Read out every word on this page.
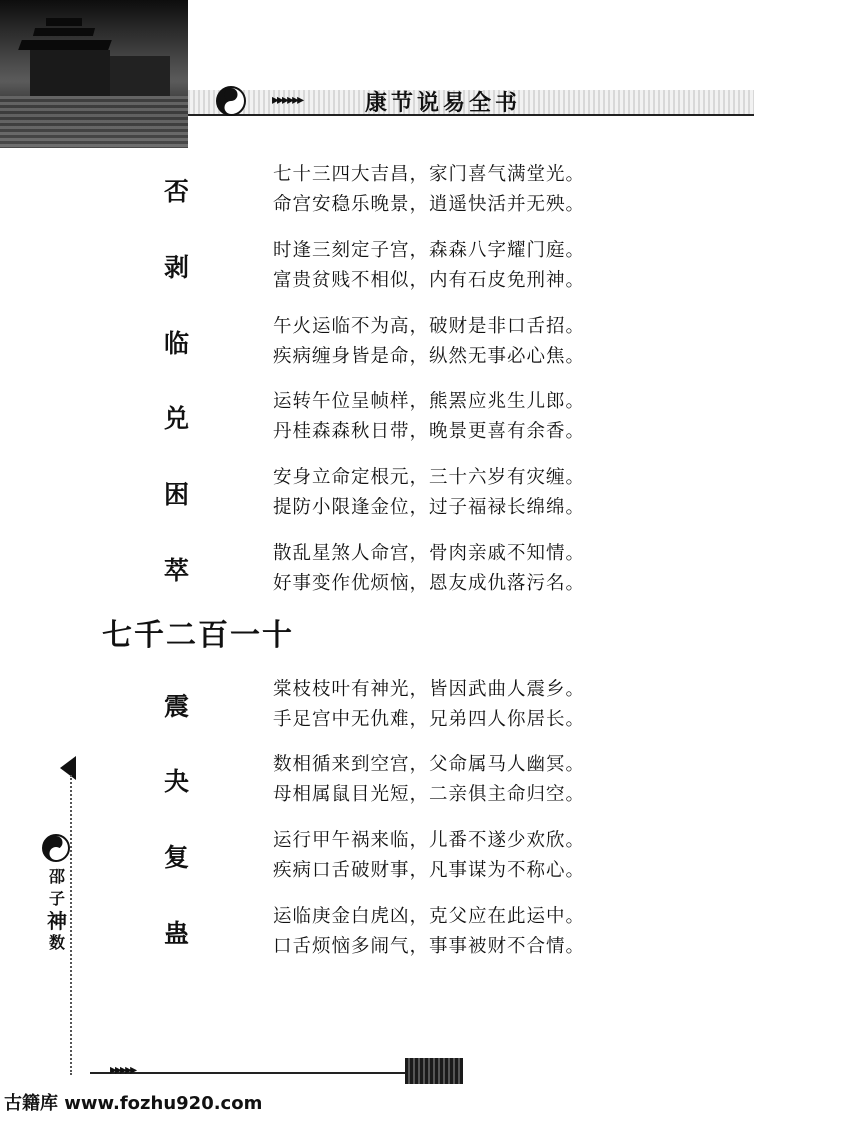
▸▸▸▸▸▸	康节说易全书
否
七十三四大吉昌，家门喜气满堂光。
命宫安稳乐晚景，逍遥快活并无殃。
剥
时逢三刻定子宫，森森八字耀门庭。
富贵贫贱不相似，内有石皮免刑神。
临
午火运临不为高，破财是非口舌招。
疾病缠身皆是命，纵然无事必心焦。
兑
运转午位呈帧样，熊罴应兆生儿郎。
丹桂森森秋日带，晚景更喜有余香。
困
安身立命定根元，三十六岁有灾缠。
提防小限逢金位，过子福禄长绵绵。
萃
散乱星煞人命宫，骨肉亲戚不知情。
好事变作优烦恼，恩友成仇落污名。
七千二百一十
震
棠枝枝叶有神光，皆因武曲人震乡。
手足宫中无仇难，兄弟四人你居长。
夬
数相循来到空宫，父命属马人幽冥。
母相属鼠目光短，二亲俱主命归空。
复
运行甲午祸来临，儿番不遂少欢欣。
疾病口舌破财事，凡事谋为不称心。
蛊
运临庚金白虎凶，克父应在此运中。
口舌烦恼多闹气，事事被财不合情。
邵
子
神
数
▸▸▸▸▸
古籍库 www.fozhu920.com
